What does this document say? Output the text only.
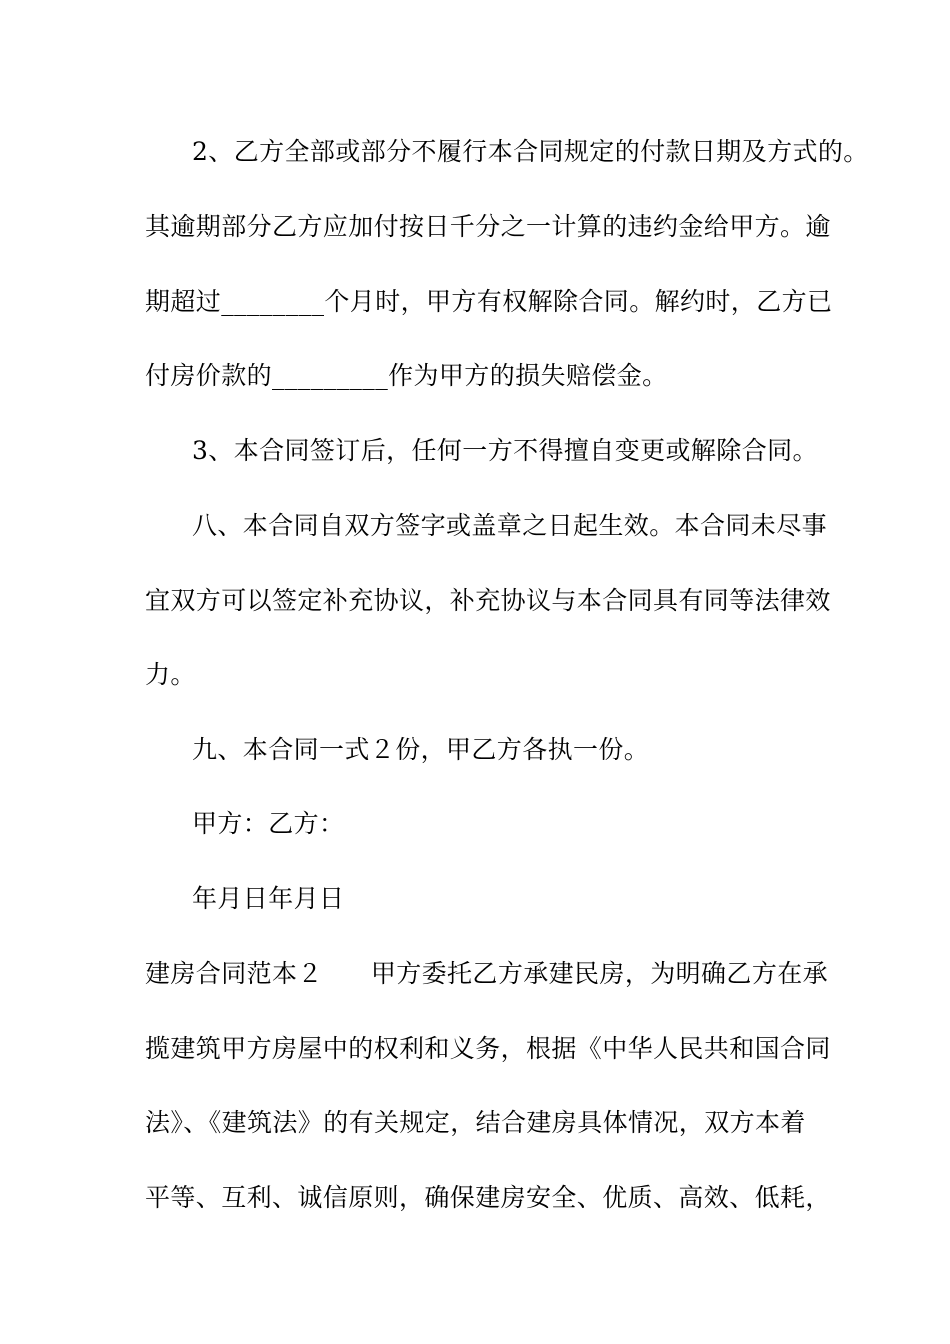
2、乙方全部或部分不履行本合同规定的付款日期及方式的。
其逾期部分乙方应加付按日千分之一计算的违约金给甲方。逾
期超过________个月时，甲方有权解除合同。解约时，乙方已
付房价款的_________作为甲方的损失赔偿金。
3、本合同签订后，任何一方不得擅自变更或解除合同。
八、本合同自双方签字或盖章之日起生效。本合同未尽事
宜双方可以签定补充协议，补充协议与本合同具有同等法律效
力。
九、本合同一式２份，甲乙方各执一份。
甲方：乙方：
年月日年月日
建房合同范本２ 甲方委托乙方承建民房，为明确乙方在承
揽建筑甲方房屋中的权利和义务，根据《中华人民共和国合同
法》、《建筑法》的有关规定，结合建房具体情况，双方本着
平等、互利、诚信原则，确保建房安全、优质、高效、低耗，
